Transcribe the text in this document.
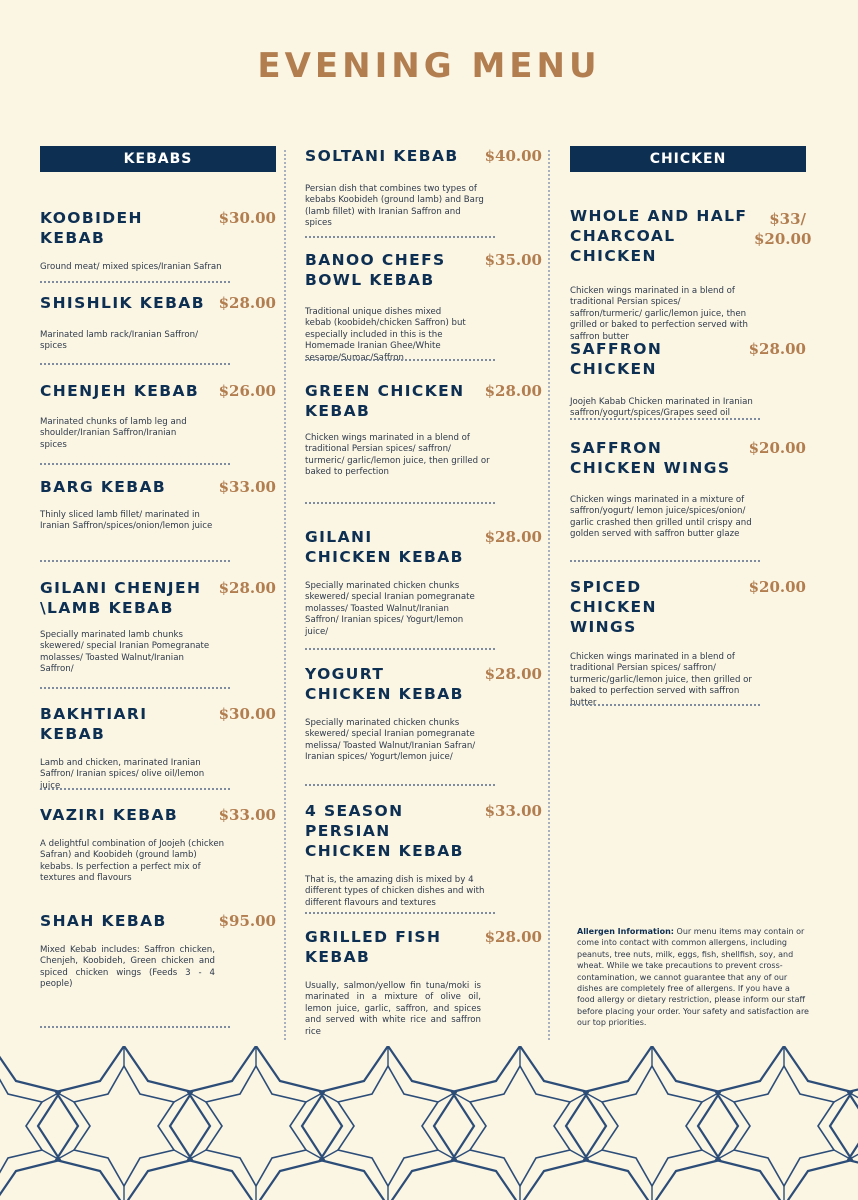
EVENING MENU
KEBABS
KOOBIDEH KEBAB
$30.00
Ground meat/ mixed spices/Iranian Safran
SHISHLIK KEBAB $28.00
Marinated lamb rack/Iranian Saffron/ spices
CHENJEH KEBAB	$26.00
Marinated chunks of lamb leg and shoulder/Iranian Saffron/Iranian spices
BARG KEBAB	$33.00
Thinly sliced lamb fillet/ marinated in Iranian Saffron/spices/onion/lemon juice
GILANI CHENJEH \LAMB KEBAB
$28.00
Specially marinated lamb chunks skewered/ special Iranian Pomegranate molasses/ Toasted Walnut/Iranian Saffron/
BAKHTIARI KEBAB
$30.00
Lamb and chicken, marinated Iranian Saffron/ Iranian spices/ olive oil/lemon juice
VAZIRI KEBAB	$33.00
A delightful combination of Joojeh (chicken Safran) and Koobideh (ground lamb) kebabs. Is perfection a perfect mix of textures and flavours
SHAH KEBAB	$95.00
Mixed Kebab includes: Saffron chicken, Chenjeh, Koobideh, Green chicken and spiced chicken wings (Feeds 3 - 4 people)
SOLTANI KEBAB	$40.00
Persian dish that combines two types of kebabs Koobideh (ground lamb) and Barg (lamb fillet) with Iranian Saffron and spices
BANOO CHEFS BOWL KEBAB
$35.00
Traditional unique dishes mixed kebab (koobideh/chicken Saffron) but especially included in this is the Homemade Iranian Ghee/White sesame/Sumac/Saffron
GREEN CHICKEN KEBAB
$28.00
Chicken wings marinated in a blend of traditional Persian spices/ saffron/ turmeric/ garlic/lemon juice, then grilled or baked to perfection
GILANI CHICKEN KEBAB
$28.00
Specially marinated chicken chunks skewered/ special Iranian pomegranate molasses/ Toasted Walnut/Iranian Saffron/ Iranian spices/ Yogurt/lemon juice/
YOGURT CHICKEN KEBAB
$28.00
Specially marinated chicken chunks skewered/ special Iranian pomegranate melissa/ Toasted Walnut/Iranian Safran/ Iranian spices/ Yogurt/lemon juice/
4 SEASON PERSIAN CHICKEN KEBAB
$33.00
That is, the amazing dish is mixed by 4 different types of chicken dishes and with different flavours and textures
GRILLED FISH KEBAB
$28.00
Usually, salmon/yellow fin tuna/moki is marinated in a mixture of olive oil, lemon juice, garlic, saffron, and spices and served with white rice and saffron rice
CHICKEN
WHOLE AND HALF CHARCOAL CHICKEN
$33/ $20.00
Chicken wings marinated in a blend of traditional Persian spices/ saffron/turmeric/ garlic/lemon juice, then grilled or baked to perfection served with saffron butter
SAFFRON CHICKEN
$28.00
Joojeh Kabab Chicken marinated in Iranian saffron/yogurt/spices/Grapes seed oil
SAFFRON CHICKEN WINGS
$20.00
Chicken wings marinated in a mixture of saffron/yogurt/ lemon juice/spices/onion/ garlic crashed then grilled until crispy and golden served with saffron butter glaze
SPICED CHICKEN WINGS
$20.00
Chicken wings marinated in a blend of traditional Persian spices/ saffron/ turmeric/garlic/lemon juice, then grilled or baked to perfection served with saffron butter
Allergen Information: Our menu items may contain or come into contact with common allergens, including peanuts, tree nuts, milk, eggs, fish, shellfish, soy, and wheat. While we take precautions to prevent cross-contamination, we cannot guarantee that any of our dishes are completely free of allergens. If you have a food allergy or dietary restriction, please inform our staff before placing your order. Your safety and satisfaction are our top priorities.
